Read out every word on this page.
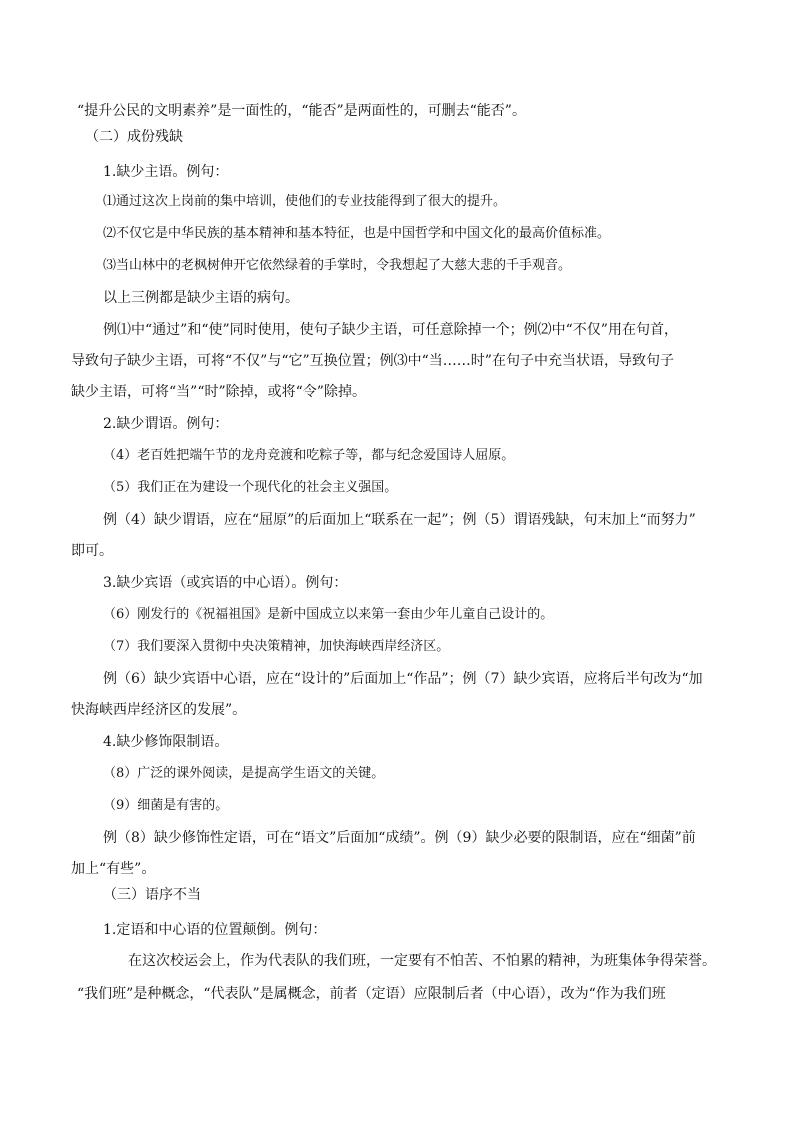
“提升公民的文明素养”是一面性的，“能否”是两面性的，可删去“能否”。
（二）成份残缺
1.缺少主语。例句：
⑴通过这次上岗前的集中培训，使他们的专业技能得到了很大的提升。
⑵不仅它是中华民族的基本精神和基本特征，也是中国哲学和中国文化的最高价值标准。
⑶当山林中的老枫树伸开它依然绿着的手掌时，令我想起了大慈大悲的千手观音。
以上三例都是缺少主语的病句。
例⑴中“通过”和“使”同时使用，使句子缺少主语，可任意除掉一个；例⑵中“不仅”用在句首，
导致句子缺少主语，可将“不仅”与“它”互换位置；例⑶中“当……时”在句子中充当状语，导致句子
缺少主语，可将“当”“时”除掉，或将“令”除掉。
2.缺少谓语。例句：
（4）老百姓把端午节的龙舟竞渡和吃粽子等，都与纪念爱国诗人屈原。
（5）我们正在为建设一个现代化的社会主义强国。
例（4）缺少谓语，应在“屈原”的后面加上“联系在一起”；例（5）谓语残缺，句末加上“而努力”
即可。
3.缺少宾语（或宾语的中心语）。例句：
（6）刚发行的《祝福祖国》是新中国成立以来第一套由少年儿童自己设计的。
（7）我们要深入贯彻中央决策精神，加快海峡西岸经济区。
例（6）缺少宾语中心语，应在“设计的”后面加上“作品”；例（7）缺少宾语，应将后半句改为“加
快海峡西岸经济区的发展”。
4.缺少修饰限制语。
（8）广泛的课外阅读，是提高学生语文的关键。
（9）细菌是有害的。
例（8）缺少修饰性定语，可在“语文”后面加“成绩”。例（9）缺少必要的限制语，应在“细菌”前
加上“有些”。
（三）语序不当
1.定语和中心语的位置颠倒。例句：
在这次校运会上，作为代表队的我们班，一定要有不怕苦、不怕累的精神，为班集体争得荣誉。
“我们班”是种概念，“代表队”是属概念，前者（定语）应限制后者（中心语），改为“作为我们班
